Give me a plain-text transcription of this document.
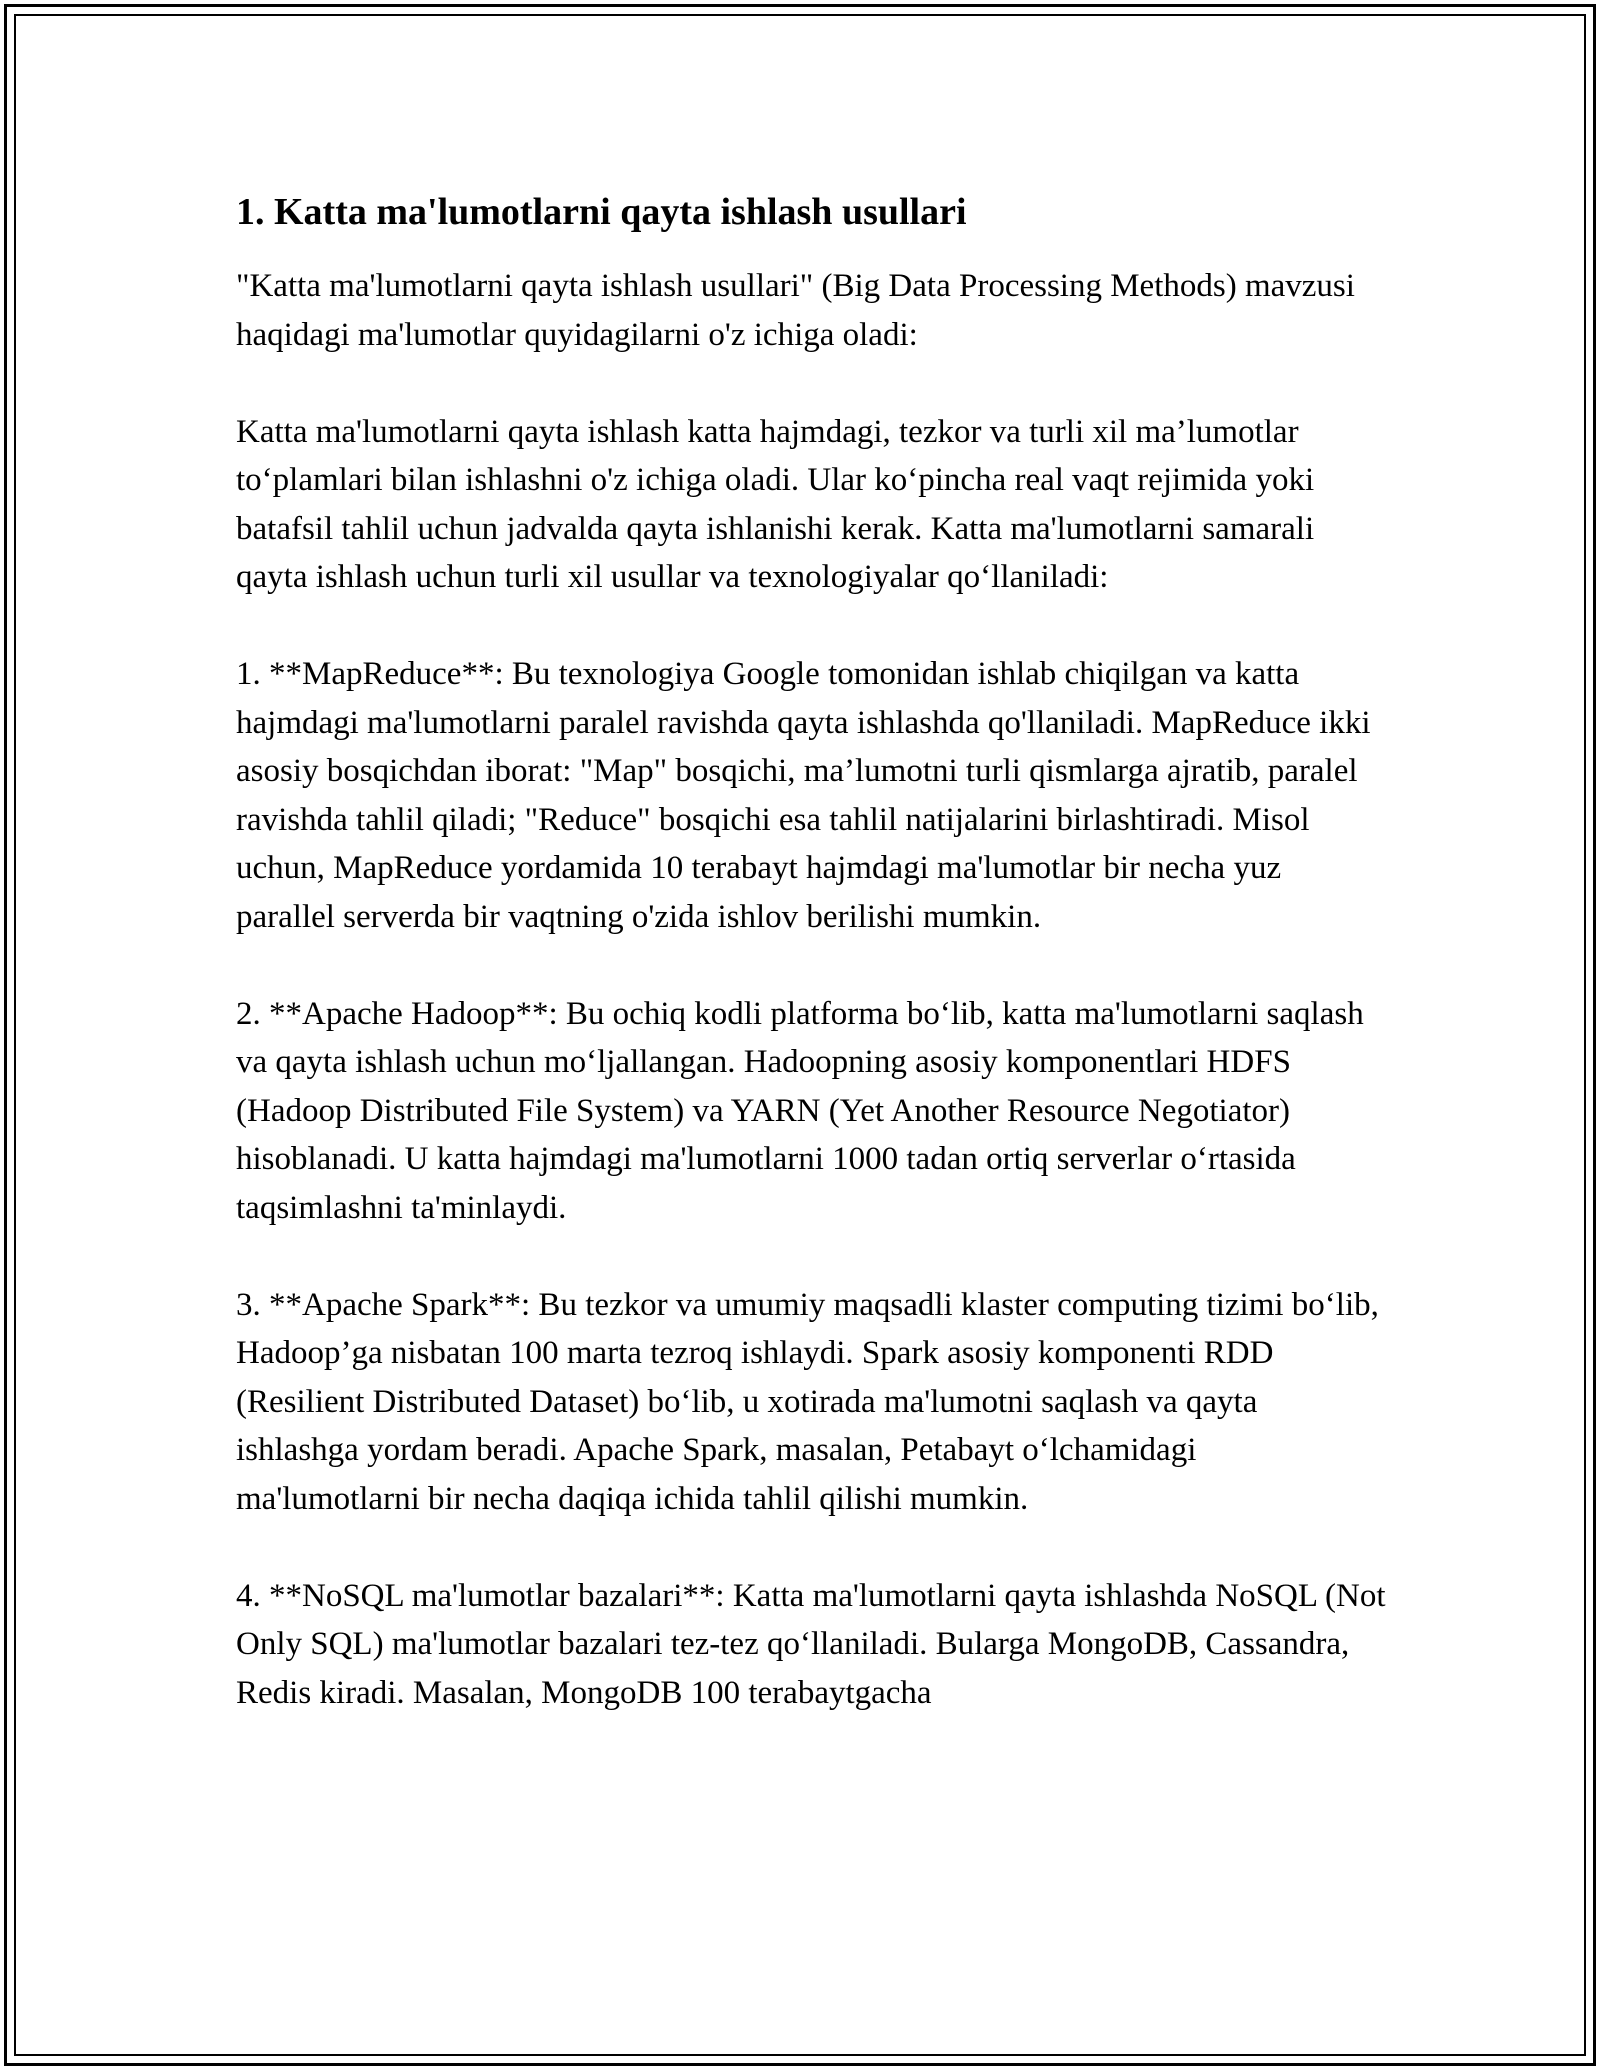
1. Katta ma'lumotlarni qayta ishlash usullari

"Katta ma'lumotlarni qayta ishlash usullari" (Big Data Processing Methods) mavzusi haqidagi ma'lumotlar quyidagilarni o'z ichiga oladi:

Katta ma'lumotlarni qayta ishlash katta hajmdagi, tezkor va turli xil ma’lumotlar to‘plamlari bilan ishlashni o'z ichiga oladi. Ular ko‘pincha real vaqt rejimida yoki batafsil tahlil uchun jadvalda qayta ishlanishi kerak. Katta ma'lumotlarni samarali qayta ishlash uchun turli xil usullar va texnologiyalar qo‘llaniladi:

1. **MapReduce**: Bu texnologiya Google tomonidan ishlab chiqilgan va katta hajmdagi ma'lumotlarni paralel ravishda qayta ishlashda qo'llaniladi. MapReduce ikki asosiy bosqichdan iborat: "Map" bosqichi, ma’lumotni turli qismlarga ajratib, paralel ravishda tahlil qiladi; "Reduce" bosqichi esa tahlil natijalarini birlashtiradi. Misol uchun, MapReduce yordamida 10 terabayt hajmdagi ma'lumotlar bir necha yuz parallel serverda bir vaqtning o'zida ishlov berilishi mumkin.

2. **Apache Hadoop**: Bu ochiq kodli platforma bo‘lib, katta ma'lumotlarni saqlash va qayta ishlash uchun mo‘ljallangan. Hadoopning asosiy komponentlari HDFS (Hadoop Distributed File System) va YARN (Yet Another Resource Negotiator) hisoblanadi. U katta hajmdagi ma'lumotlarni 1000 tadan ortiq serverlar o‘rtasida taqsimlashni ta'minlaydi.

3. **Apache Spark**: Bu tezkor va umumiy maqsadli klaster computing tizimi bo‘lib, Hadoop’ga nisbatan 100 marta tezroq ishlaydi. Spark asosiy komponenti RDD (Resilient Distributed Dataset) bo‘lib, u xotirada ma'lumotni saqlash va qayta ishlashga yordam beradi. Apache Spark, masalan, Petabayt o‘lchamidagi ma'lumotlarni bir necha daqiqa ichida tahlil qilishi mumkin.

4. **NoSQL ma'lumotlar bazalari**: Katta ma'lumotlarni qayta ishlashda NoSQL (Not Only SQL) ma'lumotlar bazalari tez-tez qo‘llaniladi. Bularga MongoDB, Cassandra, Redis kiradi. Masalan, MongoDB 100 terabaytgacha
